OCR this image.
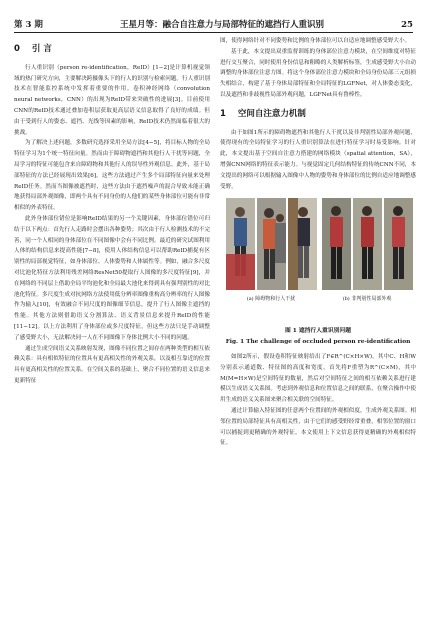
第 3 期	王星月等：融合自注意力与局部特征的遮挡行人重识别	25
0 引 言

行人重识别（person re-identification，ReID）[1−2]是计算机视觉领域的热门研究方向，主要解决跨摄像头下的行人的识别与检索问题。行人重识别技术在智能监控系统中发挥着重要的作用。卷积神经网络（convolution neural networks，CNN）的出现为ReID带来突破性的进展[3]。目前使用CNN的ReID技术通过叠加卷积层获取更高层语义信息取得了良好的成绩。但由于受到行人的姿态、遮挡、光线等因素的影响，ReID技术仍然面临着很大的挑战。

为了解决上述问题，多数研究选择采用全局方法[4−5]，将目标人物的全局特征学习为1个统一特征向量。然而由于障碍物遮挡和其他行人干扰等问题，全局学习的特征可能包含来自障碍物和其他行人的误导性外观信息。此外，基于局部特征的方法已经展现出效果[6]。这些方法通过产生多个局部特征向量来处理ReID任务。然而当图像被遮挡时，这些方法由于遮挡噪声的混合导致未能正确地获得局部外观图像，即两个具有不同身份的人他们的某些身体部位可能有非常相似的外表特征。

此外身体部位错位是影响ReID结果的另一个关键因素，身体部位错位可归结于以下两点：首先行人走路时会摆出各种姿势；其次由于行人检测技术的不完善，同一个人相同的身体部位在不同图像中会有不同比例。最近的研究试图利用人体的结构信息来提高性能[7−8]，使用人体结构信息可以帮助ReID捕捉有区别性的局部视觉特征，如身体部位、人体姿势和人体属性等。例如，融合多尺度对比池化特征方法利用残差网络ResNet50提取行人图像的多尺度特征[9]，并在网络的不同层上借助全局平均池化和全局最大池化来得到具有强判别性的对比池化特征。多尺度生成对抗网络方法使用低分辨率图像重构高分辨率的行人图像作为输入[10]，有效融合不同尺度的图像细节信息，提升了行人图像主遮挡的性能。其他方法则借助语义分割算法、语义背景信息来提升ReID的性能[11−12]。以上方法利用了身体部位或多尺度特征，但这些方法只是手动调整了感受野大小，无法解决同一人在不同图像下身体比例大小不同的问题。

通过生成空间语义关系映射发现，图像不同位置之间存在两种类型的相互依赖关系：具有相似特征的位置具有更高相关性的外观关系，以及相互靠近的位置具有更高相关性的位置关系。在空间关系的基础上，聚合不同位置的语义信息来更新特征

图，使得网络针对不同姿势和比例的身体部位可以自适应地调整感受野大小。

基于此，本文提出双重监督训练的身体部位注意力模块，在空间维度对特征进行交互聚合，同时使用身份信息和粗略的人类解析标签，生成感受野大小自动调整的身体部位注意力图。将这个身体部位注意力模块和全局身份局部三元组损失相结合，构建了基于身体局部特征和全局特征的LGFNet，对人体姿态变化，以及遮挡和非歧视性局部外观问题，LGFNet具有鲁棒性。

1 空间自注意力机制

由于如图1所示的障碍物遮挡和其他行人干扰以及非判别性局部外观问题，使得现有的全局特征学习的行人重识别算法在进行特征学习时易受影响。针对此，本文提出基于空间自注意力搭建的网络模块（spatial attention，SA），增强CNN网络的特征表示能力。与视觉固定几何结构特征的传统CNN不同，本文提出的网络可以根据输入图像中人物的姿势和身体部位的比例自适应地调整感受野。

(a) 障碍物和行人干扰	(b) 非判别性局部外观

图 1 遮挡行人重识别问题

Fig. 1 The challenge of occluded person re-identification

如图2所示，假设卷积特征映射给出了F∈R^(C×H×W)，其中C、H和W分别表示通道数、特征图的高度和宽度。首先将F重塑为R^(C×M)，其中M(M=H×W)是空间特征的数量，然后对空间特征之间的相互依赖关系进行建模以生成语义关系图。考虑到外观信息和位置信息之间的联系，在聚合操作中使用生成的语义关系图来聚合相关联的空间特征。

通过计算输入特征图的任意两个位置间的外观相似度，生成外观关系图。相邻位置的局部特征具有高相关性，由于它们的感受野经常重叠，相邻位置的窗口可以捕捉到更精确的外观特征。本文使用上下文信息获得更精确的外观相似特征。
